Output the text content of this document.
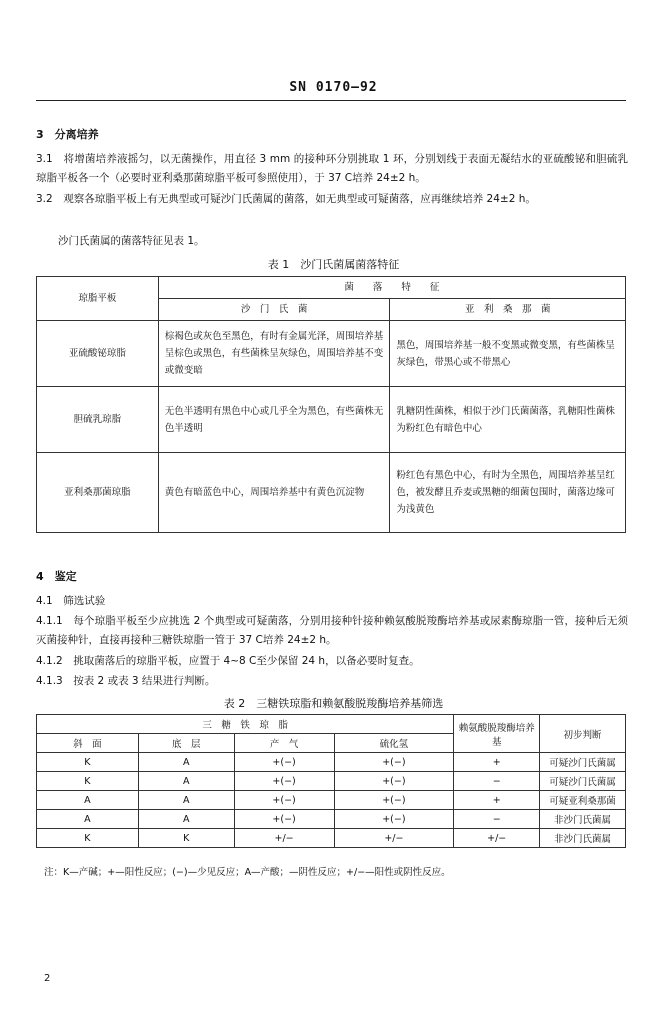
SN 0170—92
3　分离培养
3.1　将增菌培养液摇匀，以无菌操作，用直径 3 mm 的接种环分别挑取 1 环，分别划线于表面无凝结水的亚硫酸铋和胆硫乳琼脂平板各一个（必要时亚利桑那菌琼脂平板可参照使用），于 37 C培养 24±2 h。
3.2　观察各琼脂平板上有无典型或可疑沙门氏菌属的菌落，如无典型或可疑菌落，应再继续培养 24±2 h。
沙门氏菌属的菌落特征见表 1。
表 1　沙门氏菌属菌落特征
琼脂平板	菌　　落　　特　　征	
	沙　门　氏　菌	亚　利　桑　那　菌
亚硫酸铋琼脂	棕褐色或灰色至黑色，有时有金属光泽，周围培养基呈棕色或黑色，有些菌株呈灰绿色，周围培养基不变或微变暗	黑色，周围培养基一般不变黑或微变黑，有些菌株呈灰绿色，带黑心或不带黑心
胆硫乳琼脂	无色半透明有黑色中心或几乎全为黑色，有些菌株无色半透明	乳糖阴性菌株，相似于沙门氏菌菌落，乳糖阳性菌株为粉红色有暗色中心
亚利桑那菌琼脂	黄色有暗蓝色中心，周围培养基中有黄色沉淀物	粉红色有黑色中心，有时为全黑色，周围培养基呈红色，被发酵且乔麦或黑糖的细菌包围时，菌落边缘可为浅黄色
4　鉴定
4.1　筛选试验
4.1.1　每个琼脂平板至少应挑选 2 个典型或可疑菌落，分别用接种针接种赖氨酸脱羧酶培养基或尿素酶琼脂一管，接种后无须灭菌接种针，直接再接种三糖铁琼脂一管于 37 C培养 24±2 h。
4.1.2　挑取菌落后的琼脂平板，应置于 4~8 C至少保留 24 h，以备必要时复查。
4.1.3　按表 2 或表 3 结果进行判断。
表 2　三糖铁琼脂和赖氨酸脱羧酶培养基筛选
三　糖　铁　琼　脂				赖氨酸脱羧酶培养基	初步判断
斜　面	底　层	产　气	硫化氢		
K	A	+(−)	+(−)	+	可疑沙门氏菌属
K	A	+(−)	+(−)	−	可疑沙门氏菌属
A	A	+(−)	+(−)	+	可疑亚利桑那菌
A	A	+(−)	+(−)	−	非沙门氏菌属
K	K	+/−	+/−	+/−	非沙门氏菌属
注：K—产碱；+—阳性反应；(−)—少见反应；A—产酸；—阴性反应；+/−—阳性或阴性反应。
2
